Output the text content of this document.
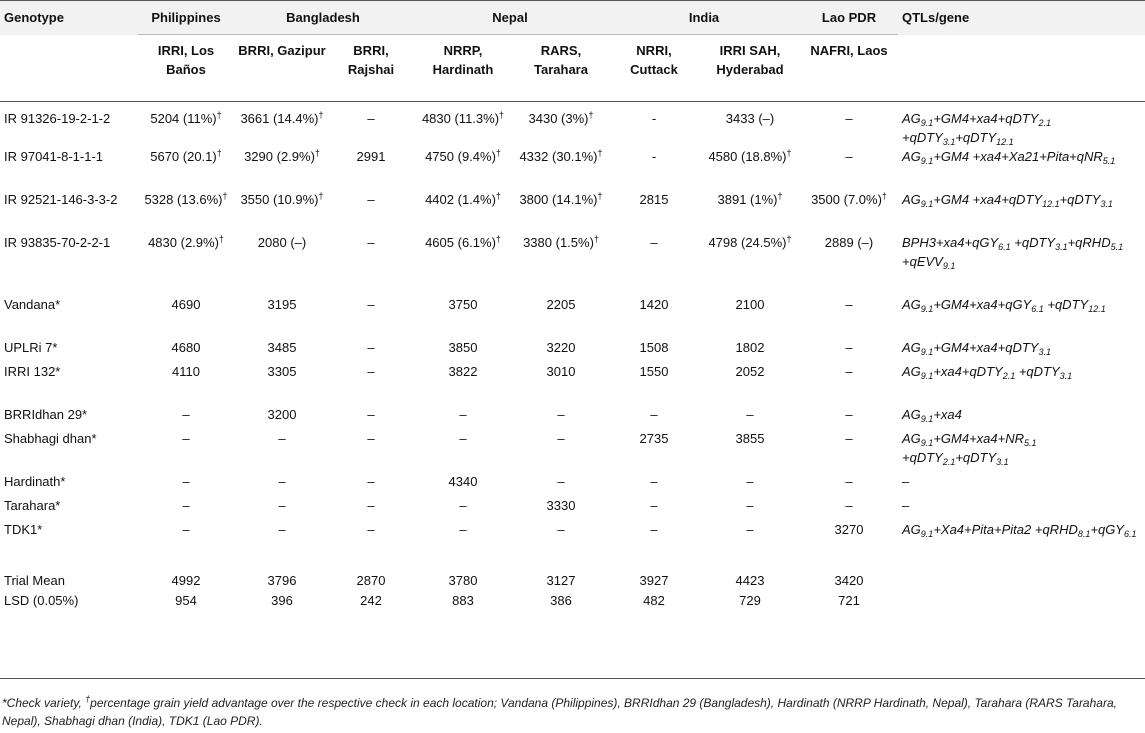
Genotype	Philippines	Bangladesh		Nepal		India		Lao PDR	QTLs/gene
	IRRI, Los Baños	BRRI, Gazipur	BRRI, Rajshai	NRRP, Hardinath	RARS, Tarahara	NRRI, Cuttack	IRRI SAH, Hyderabad	NAFRI, Laos	
IR 91326-19-2-1-2	5204 (11%)†	3661 (14.4%)†	–	4830 (11.3%)†	3430 (3%)†	-	3433 (–)	–	$AG_{9.1}+GM4+xa4+qDTY_{2.1}$ +qDTY$_{3.1}$+qDTY$_{12.1}$
IR 97041-8-1-1-1	5670 (20.1)†	3290 (2.9%)†	2991	4750 (9.4%)†	4332 (30.1%)†	-	4580 (18.8%)†	–	$AG_{9.1}+GM4$ +xa4+Xa21+Pita+qNR$_{5.1}$
IR 92521-146-3-3-2	5328 (13.6%)†	3550 (10.9%)†	–	4402 (1.4%)†	3800 (14.1%)†	2815	3891 (1%)†	3500 (7.0%)†	$AG_{9.1}+GM4$ +xa4+qDTY$_{12.1}$+qDTY$_{3.1}$
IR 93835-70-2-2-1	4830 (2.9%)†	2080 (–)	–	4605 (6.1%)†	3380 (1.5%)†	–	4798 (24.5%)†	2889 (–)	BPH3+xa4+qGY$_{6.1}$ +qDTY$_{3.1}$+qRHD$_{5.1}$ +qEVV$_{9.1}$
Vandana*	4690	3195	–	3750	2205	1420	2100	–	$AG_{9.1}+GM4+xa4+qGY_{6.1}$ +qDTY$_{12.1}$
UPLRi 7*	4680	3485	–	3850	3220	1508	1802	–	$AG_{9.1}+GM4+xa4+qDTY_{3.1}$
IRRI 132*	4110	3305	–	3822	3010	1550	2052	–	$AG_{9.1}+xa4+qDTY_{2.1}$ +qDTY$_{3.1}$
BRRIdhan 29*	–	3200	–	–	–	–	–	–	$AG_{9.1}+xa4$
Shabhagi dhan*	–	–	–	–	–	2735	3855	–	$AG_{9.1}+GM4+xa4+NR_{5.1}$ +qDTY$_{2.1}$+qDTY$_{3.1}$
Hardinath*	–	–	–	4340	–	–	–	–	–
Tarahara*	–	–	–	–	3330	–	–	–	–
TDK1*	–	–	–	–	–	–	–	3270	$AG_{9.1}+Xa4+Pita+Pita2$ +qRHD$_{8.1}$+qGY$_{6.1}$
Trial Mean	4992	3796	2870	3780	3127	3927	4423	3420	
LSD (0.05%)	954	396	242	883	386	482	729	721	
*Check variety, †percentage grain yield advantage over the respective check in each location; Vandana (Philippines), BRRIdhan 29 (Bangladesh), Hardinath (NRRP Hardinath, Nepal), Tarahara (RARS Tarahara, Nepal), Shabhagi dhan (India), TDK1 (Lao PDR).
